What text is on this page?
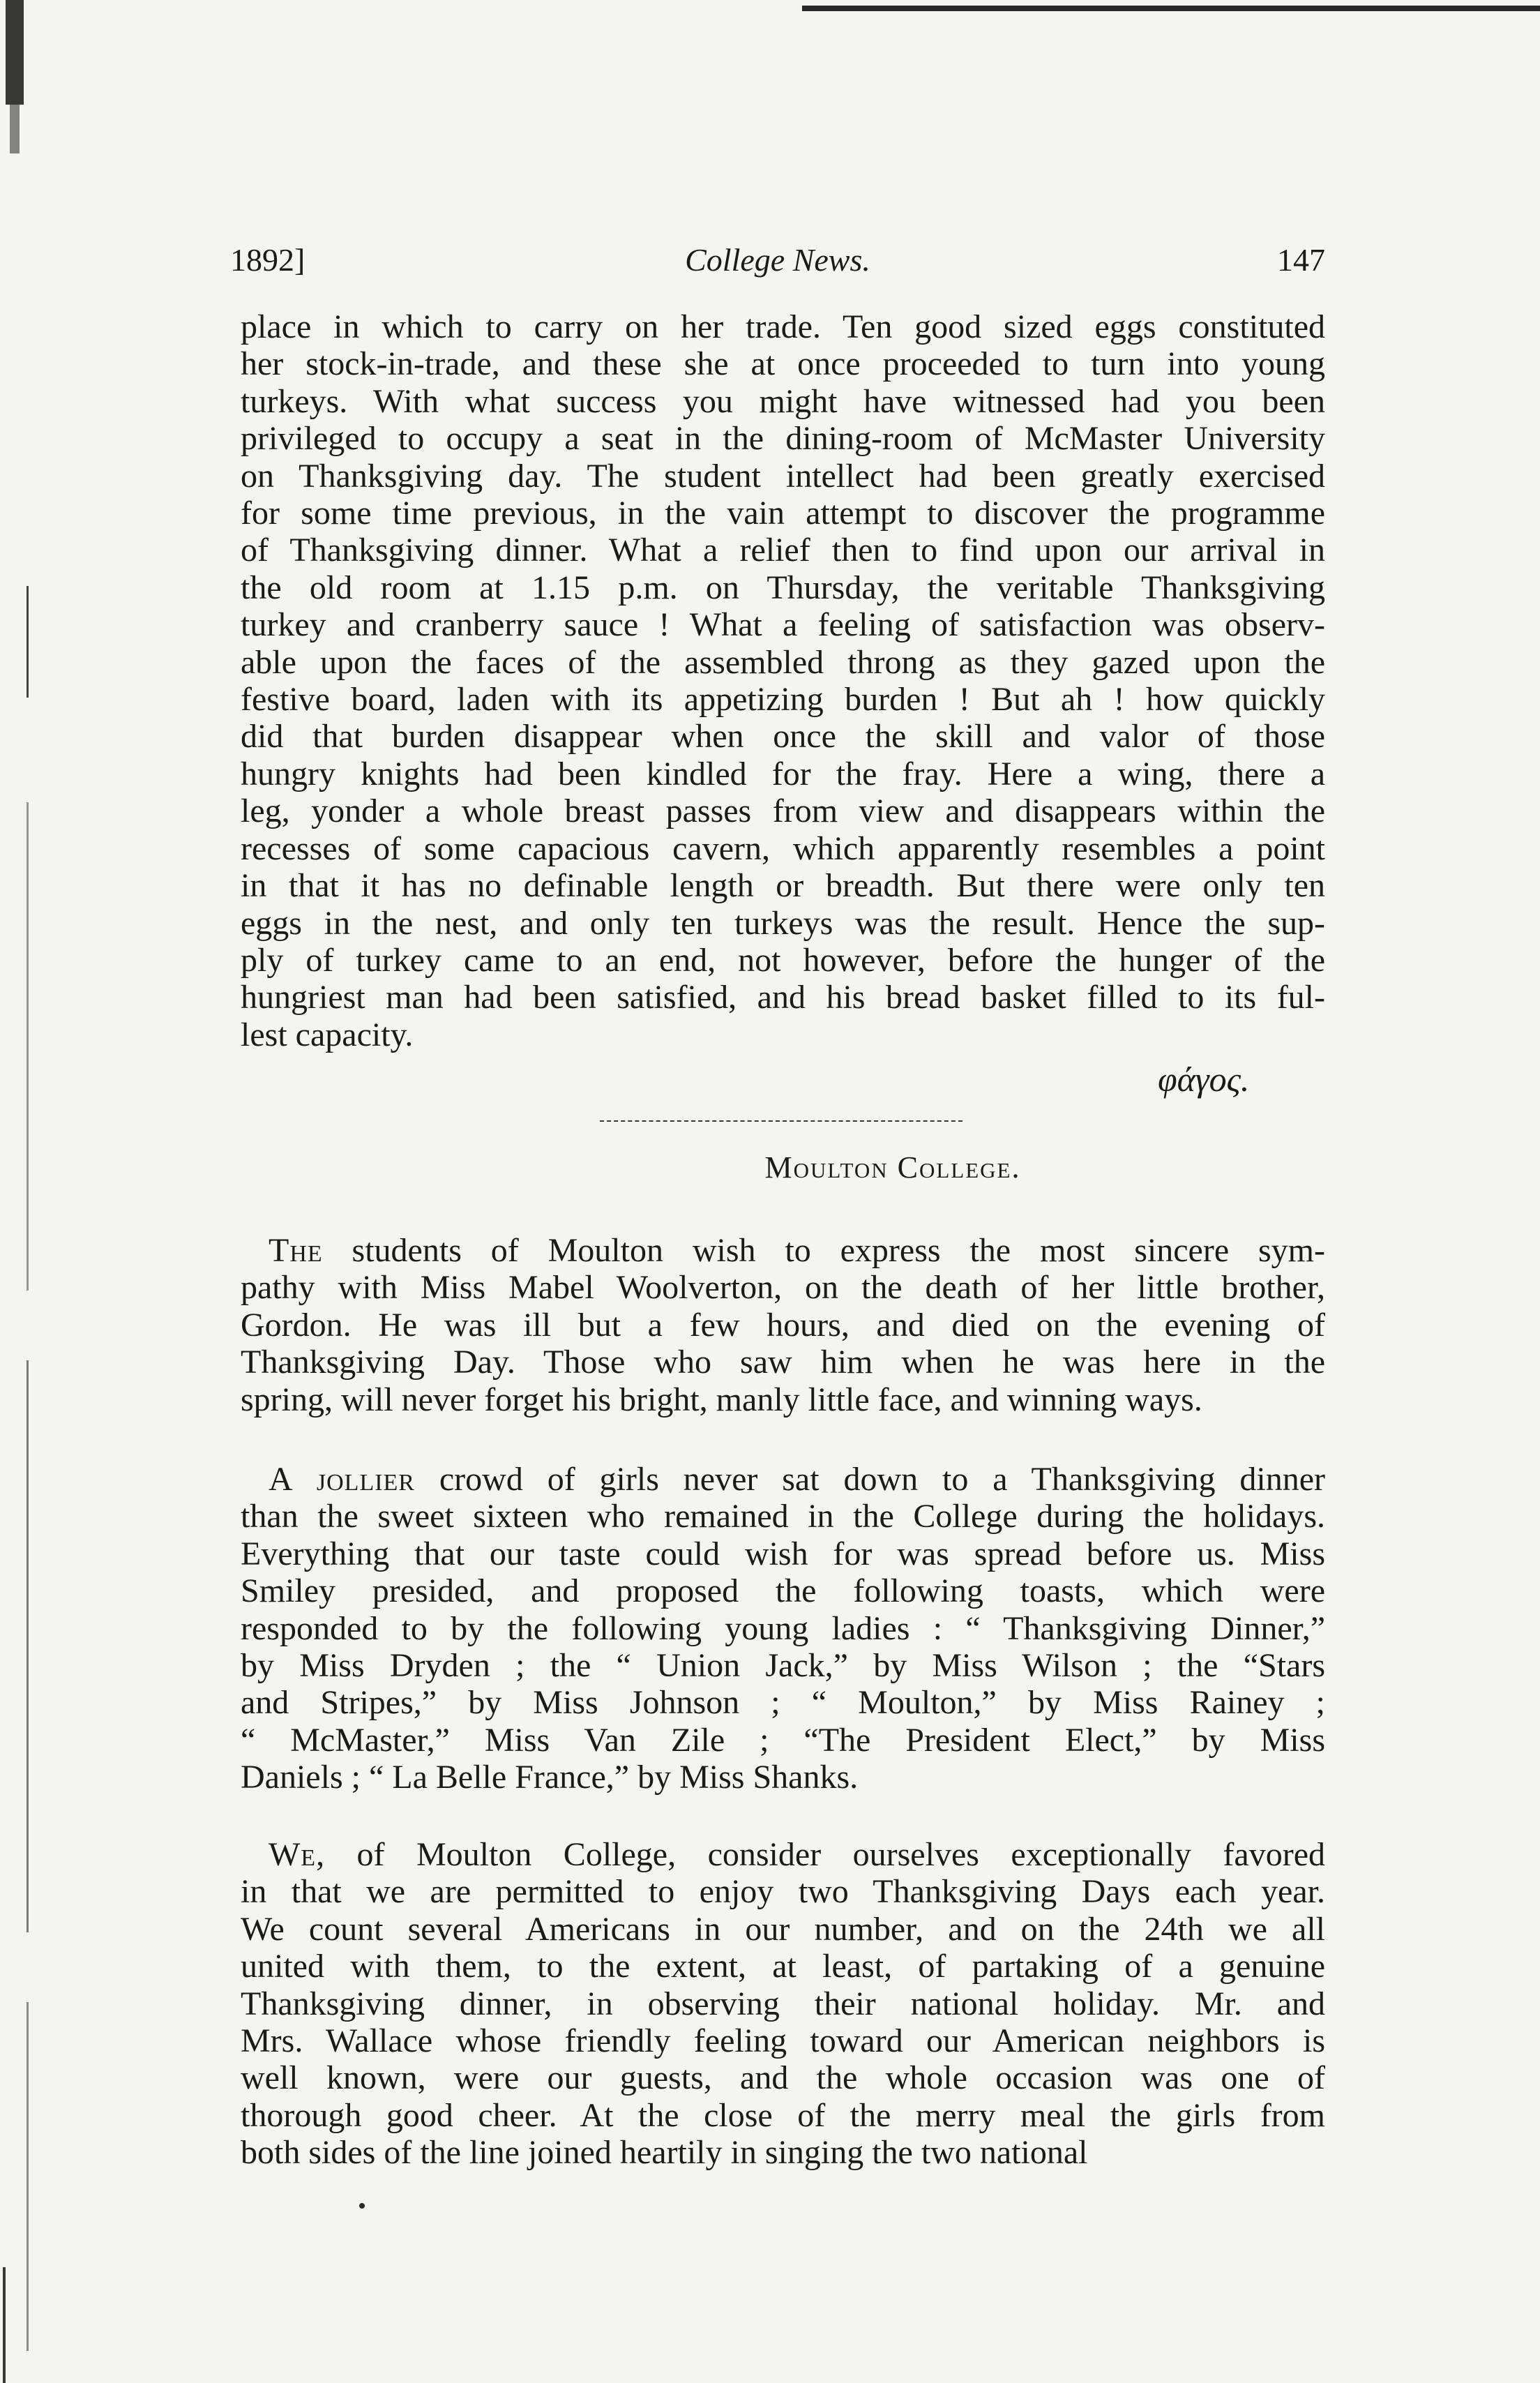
1892]	College News.	147

place in which to carry on her trade. Ten good sized eggs constituted
her stock-in-trade, and these she at once proceeded to turn into young
turkeys. With what success you might have witnessed had you been
privileged to occupy a seat in the dining-room of McMaster University
on Thanksgiving day. The student intellect had been greatly exercised
for some time previous, in the vain attempt to discover the programme
of Thanksgiving dinner. What a relief then to find upon our arrival in
the old room at 1.15 p.m. on Thursday, the veritable Thanksgiving
turkey and cranberry sauce ! What a feeling of satisfaction was observ-
able upon the faces of the assembled throng as they gazed upon the
festive board, laden with its appetizing burden ! But ah ! how quickly
did that burden disappear when once the skill and valor of those
hungry knights had been kindled for the fray. Here a wing, there a
leg, yonder a whole breast passes from view and disappears within the
recesses of some capacious cavern, which apparently resembles a point
in that it has no definable length or breadth. But there were only ten
eggs in the nest, and only ten turkeys was the result. Hence the sup-
ply of turkey came to an end, not however, before the hunger of the
hungriest man had been satisfied, and his bread basket filled to its ful-
lest capacity.

φάγος.
Moulton College.

The students of Moulton wish to express the most sincere sym-
pathy with Miss Mabel Woolverton, on the death of her little brother,
Gordon. He was ill but a few hours, and died on the evening of
Thanksgiving Day. Those who saw him when he was here in the
spring, will never forget his bright, manly little face, and winning ways.

A jollier crowd of girls never sat down to a Thanksgiving dinner
than the sweet sixteen who remained in the College during the holidays.
Everything that our taste could wish for was spread before us. Miss
Smiley presided, and proposed the following toasts, which were
responded to by the following young ladies : “ Thanksgiving Dinner,”
by Miss Dryden ; the “ Union Jack,” by Miss Wilson ; the “Stars
and Stripes,” by Miss Johnson ; “ Moulton,” by Miss Rainey ;
“ McMaster,” Miss Van Zile ; “The President Elect,” by Miss
Daniels ; “ La Belle France,” by Miss Shanks.

We, of Moulton College, consider ourselves exceptionally favored
in that we are permitted to enjoy two Thanksgiving Days each year.
We count several Americans in our number, and on the 24th we all
united with them, to the extent, at least, of partaking of a genuine
Thanksgiving dinner, in observing their national holiday. Mr. and
Mrs. Wallace whose friendly feeling toward our American neighbors is
well known, were our guests, and the whole occasion was one of
thorough good cheer. At the close of the merry meal the girls from
both sides of the line joined heartily in singing the two national
